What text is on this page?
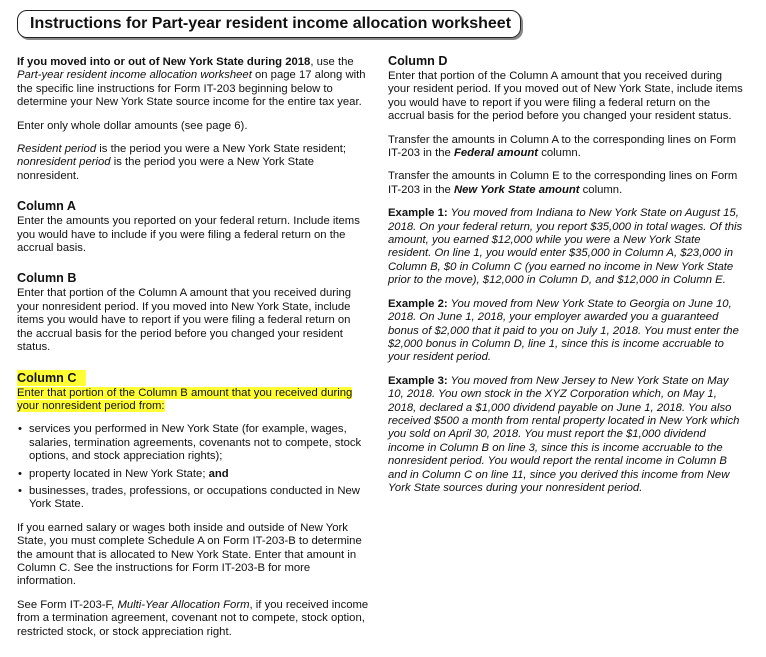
Instructions for Part-year resident income allocation worksheet

If you moved into or out of New York State during 2018, use the Part-year resident income allocation worksheet on page 17 along with the specific line instructions for Form IT-203 beginning below to determine your New York State source income for the entire tax year.

Enter only whole dollar amounts (see page 6).

Resident period is the period you were a New York State resident; nonresident period is the period you were a New York State nonresident.

Column A

Enter the amounts you reported on your federal return. Include items you would have to include if you were filing a federal return on the accrual basis.

Column B

Enter that portion of the Column A amount that you received during your nonresident period. If you moved into New York State, include items you would have to report if you were filing a federal return on the accrual basis for the period before you changed your resident status.

Column C

Enter that portion of the Column B amount that you received during your nonresident period from:

• services you performed in New York State (for example, wages, salaries, termination agreements, covenants not to compete, stock options, and stock appreciation rights);
• property located in New York State; and
• businesses, trades, professions, or occupations conducted in New York State.

If you earned salary or wages both inside and outside of New York State, you must complete Schedule A on Form IT-203-B to determine the amount that is allocated to New York State. Enter that amount in Column C. See the instructions for Form IT-203-B for more information.

See Form IT-203-F, Multi-Year Allocation Form, if you received income from a termination agreement, covenant not to compete, stock option, restricted stock, or stock appreciation right.

Column D

Enter that portion of the Column A amount that you received during your resident period. If you moved out of New York State, include items you would have to report if you were filing a federal return on the accrual basis for the period before you changed your resident status.

Transfer the amounts in Column A to the corresponding lines on Form IT-203 in the Federal amount column.

Transfer the amounts in Column E to the corresponding lines on Form IT-203 in the New York State amount column.

Example 1: You moved from Indiana to New York State on August 15, 2018. On your federal return, you report $35,000 in total wages. Of this amount, you earned $12,000 while you were a New York State resident. On line 1, you would enter $35,000 in Column A, $23,000 in Column B, $0 in Column C (you earned no income in New York State prior to the move), $12,000 in Column D, and $12,000 in Column E.

Example 2: You moved from New York State to Georgia on June 10, 2018. On June 1, 2018, your employer awarded you a guaranteed bonus of $2,000 that it paid to you on July 1, 2018. You must enter the $2,000 bonus in Column D, line 1, since this is income accruable to your resident period.

Example 3: You moved from New Jersey to New York State on May 10, 2018. You own stock in the XYZ Corporation which, on May 1, 2018, declared a $1,000 dividend payable on June 1, 2018. You also received $500 a month from rental property located in New York which you sold on April 30, 2018. You must report the $1,000 dividend income in Column B on line 3, since this is income accruable to the nonresident period. You would report the rental income in Column B and in Column C on line 11, since you derived this income from New York State sources during your nonresident period.
